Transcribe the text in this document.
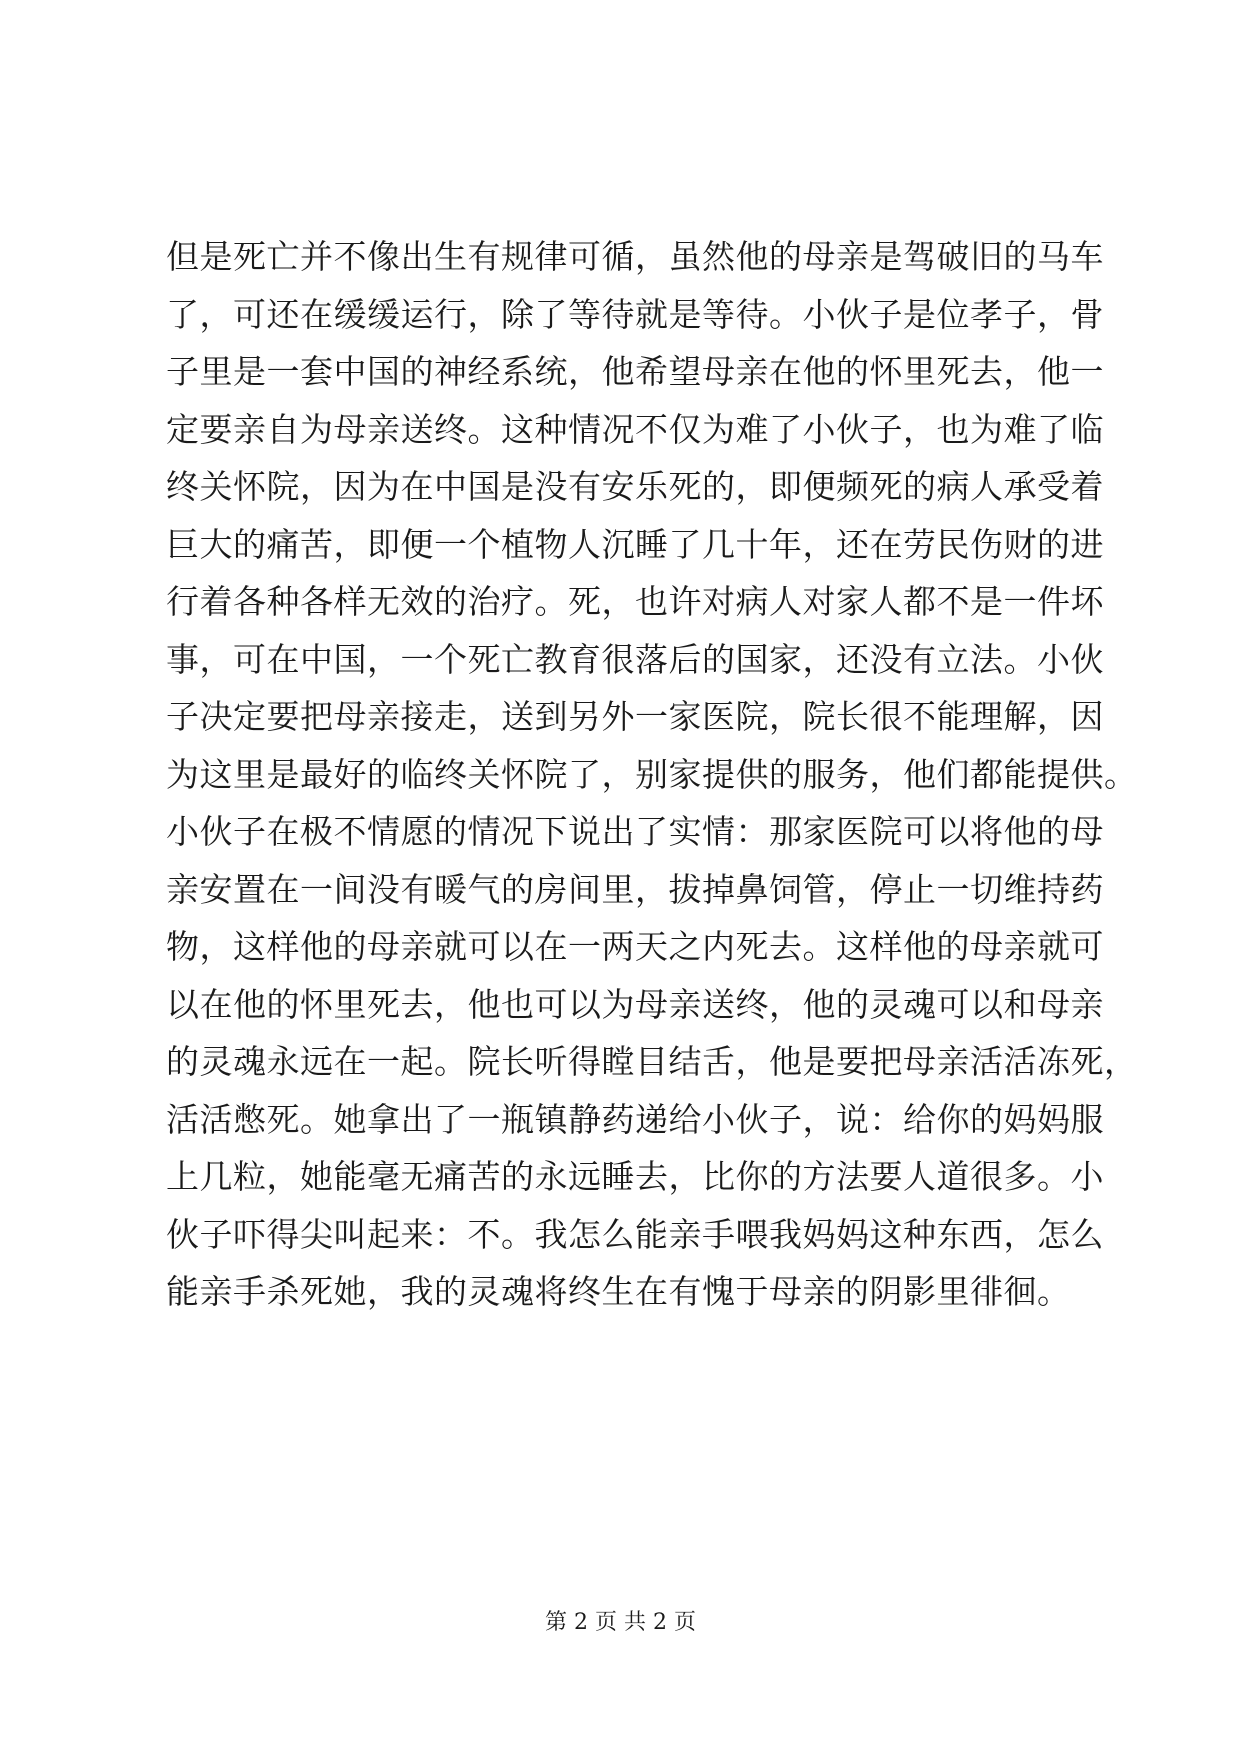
但是死亡并不像出生有规律可循，虽然他的母亲是驾破旧的马车
了，可还在缓缓运行，除了等待就是等待。小伙子是位孝子，骨
子里是一套中国的神经系统，他希望母亲在他的怀里死去，他一
定要亲自为母亲送终。这种情况不仅为难了小伙子，也为难了临
终关怀院，因为在中国是没有安乐死的，即便频死的病人承受着
巨大的痛苦，即便一个植物人沉睡了几十年，还在劳民伤财的进
行着各种各样无效的治疗。死，也许对病人对家人都不是一件坏
事，可在中国，一个死亡教育很落后的国家，还没有立法。小伙
子决定要把母亲接走，送到另外一家医院，院长很不能理解，因
为这里是最好的临终关怀院了，别家提供的服务，他们都能提供。
小伙子在极不情愿的情况下说出了实情：那家医院可以将他的母
亲安置在一间没有暖气的房间里，拔掉鼻饲管，停止一切维持药
物，这样他的母亲就可以在一两天之内死去。这样他的母亲就可
以在他的怀里死去，他也可以为母亲送终，他的灵魂可以和母亲
的灵魂永远在一起。院长听得瞠目结舌，他是要把母亲活活冻死，
活活憋死。她拿出了一瓶镇静药递给小伙子，说：给你的妈妈服
上几粒，她能毫无痛苦的永远睡去，比你的方法要人道很多。小
伙子吓得尖叫起来：不。我怎么能亲手喂我妈妈这种东西，怎么
能亲手杀死她，我的灵魂将终生在有愧于母亲的阴影里徘徊。
第 2 页 共 2 页
